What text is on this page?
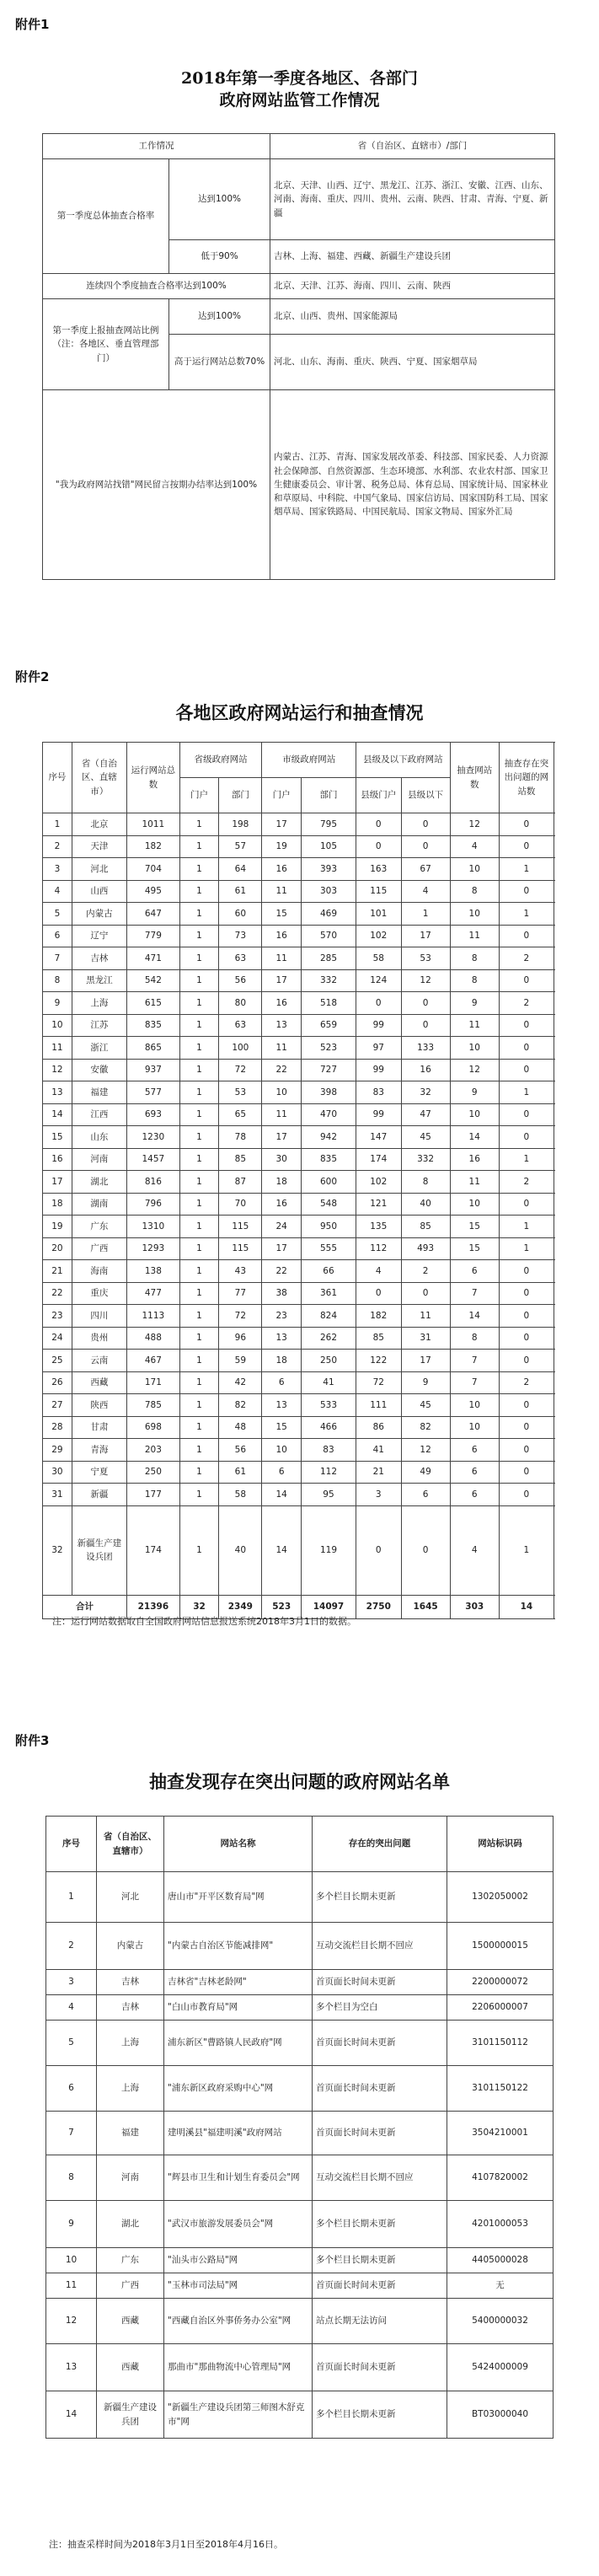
附件1
2018年第一季度各地区、各部门
政府网站监管工作情况
工作情况		省（自治区、直辖市）/部门
第一季度总体抽查合格率	达到100%	北京、天津、山西、辽宁、黑龙江、江苏、浙江、安徽、江西、山东、河南、海南、重庆、四川、贵州、云南、陕西、甘肃、青海、宁夏、新疆
	低于90%	吉林、上海、福建、西藏、新疆生产建设兵团
连续四个季度抽查合格率达到100%		北京、天津、江苏、海南、四川、云南、陕西
第一季度上报抽查网站比例（注：各地区、垂直管理部门）	达到100%	北京、山西、贵州、国家能源局
	高于运行网站总数70%	河北、山东、海南、重庆、陕西、宁夏、国家烟草局
"我为政府网站找错"网民留言按期办结率达到100%		内蒙古、江苏、青海、国家发展改革委、科技部、国家民委、人力资源社会保障部、自然资源部、生态环境部、水利部、农业农村部、国家卫生健康委员会、审计署、税务总局、体育总局、国家统计局、国家林业和草原局、中科院、中国气象局、国家信访局、国家国防科工局、国家烟草局、国家铁路局、中国民航局、国家文物局、国家外汇局
附件2
各地区政府网站运行和抽查情况
序号	省（自治区、直辖市）	运行网站总数	省级政府网站		市级政府网站		县级及以下政府网站		抽查网站数	抽查存在突出问题的网站数
			门户	部门	门户	部门	县级门户	县级以下		
1	北京	1011	1	198	17	795	0	0	12	0
2	天津	182	1	57	19	105	0	0	4	0
3	河北	704	1	64	16	393	163	67	10	1
4	山西	495	1	61	11	303	115	4	8	0
5	内蒙古	647	1	60	15	469	101	1	10	1
6	辽宁	779	1	73	16	570	102	17	11	0
7	吉林	471	1	63	11	285	58	53	8	2
8	黑龙江	542	1	56	17	332	124	12	8	0
9	上海	615	1	80	16	518	0	0	9	2
10	江苏	835	1	63	13	659	99	0	11	0
11	浙江	865	1	100	11	523	97	133	10	0
12	安徽	937	1	72	22	727	99	16	12	0
13	福建	577	1	53	10	398	83	32	9	1
14	江西	693	1	65	11	470	99	47	10	0
15	山东	1230	1	78	17	942	147	45	14	0
16	河南	1457	1	85	30	835	174	332	16	1
17	湖北	816	1	87	18	600	102	8	11	2
18	湖南	796	1	70	16	548	121	40	10	0
19	广东	1310	1	115	24	950	135	85	15	1
20	广西	1293	1	115	17	555	112	493	15	1
21	海南	138	1	43	22	66	4	2	6	0
22	重庆	477	1	77	38	361	0	0	7	0
23	四川	1113	1	72	23	824	182	11	14	0
24	贵州	488	1	96	13	262	85	31	8	0
25	云南	467	1	59	18	250	122	17	7	0
26	西藏	171	1	42	6	41	72	9	7	2
27	陕西	785	1	82	13	533	111	45	10	0
28	甘肃	698	1	48	15	466	86	82	10	0
29	青海	203	1	56	10	83	41	12	6	0
30	宁夏	250	1	61	6	112	21	49	6	0
31	新疆	177	1	58	14	95	3	6	6	0
32	新疆生产建设兵团	174	1	40	14	119	0	0	4	1
合计		21396	32	2349	523	14097	2750	1645	303	14
注：运行网站数据取自全国政府网站信息报送系统2018年3月1日的数据。
附件3
抽查发现存在突出问题的政府网站名单
序号	省（自治区、直辖市）	网站名称	存在的突出问题	网站标识码
1	河北	唐山市"开平区数育局"网	多个栏目长期未更新	1302050002
2	内蒙古	"内蒙古自治区节能减排网"	互动交流栏目长期不回应	1500000015
3	吉林	吉林省"吉林老龄网"	首页面长时间未更新	2200000072
4	吉林	"白山市教育局"网	多个栏目为空白	2206000007
5	上海	浦东新区"曹路镇人民政府"网	首页面长时间未更新	3101150112
6	上海	"浦东新区政府采购中心"网	首页面长时间未更新	3101150122
7	福建	建明溪县"福建明溪"政府网站	首页面长时间未更新	3504210001
8	河南	"辉县市卫生和计划生育委员会"网	互动交流栏目长期不回应	4107820002
9	湖北	"武汉市旅游发展委员会"网	多个栏目长期未更新	4201000053
10	广东	"汕头市公路局"网	多个栏目长期未更新	4405000028
11	广西	"玉林市司法局"网	首页面长时间未更新	无
12	西藏	"西藏自治区外事侨务办公室"网	站点长期无法访问	5400000032
13	西藏	那曲市"那曲物流中心管理局"网	首页面长时间未更新	5424000009
14	新疆生产建设兵团	"新疆生产建设兵团第三师图木舒克市"网	多个栏目长期未更新	BT03000040
注：抽查采样时间为2018年3月1日至2018年4月16日。
